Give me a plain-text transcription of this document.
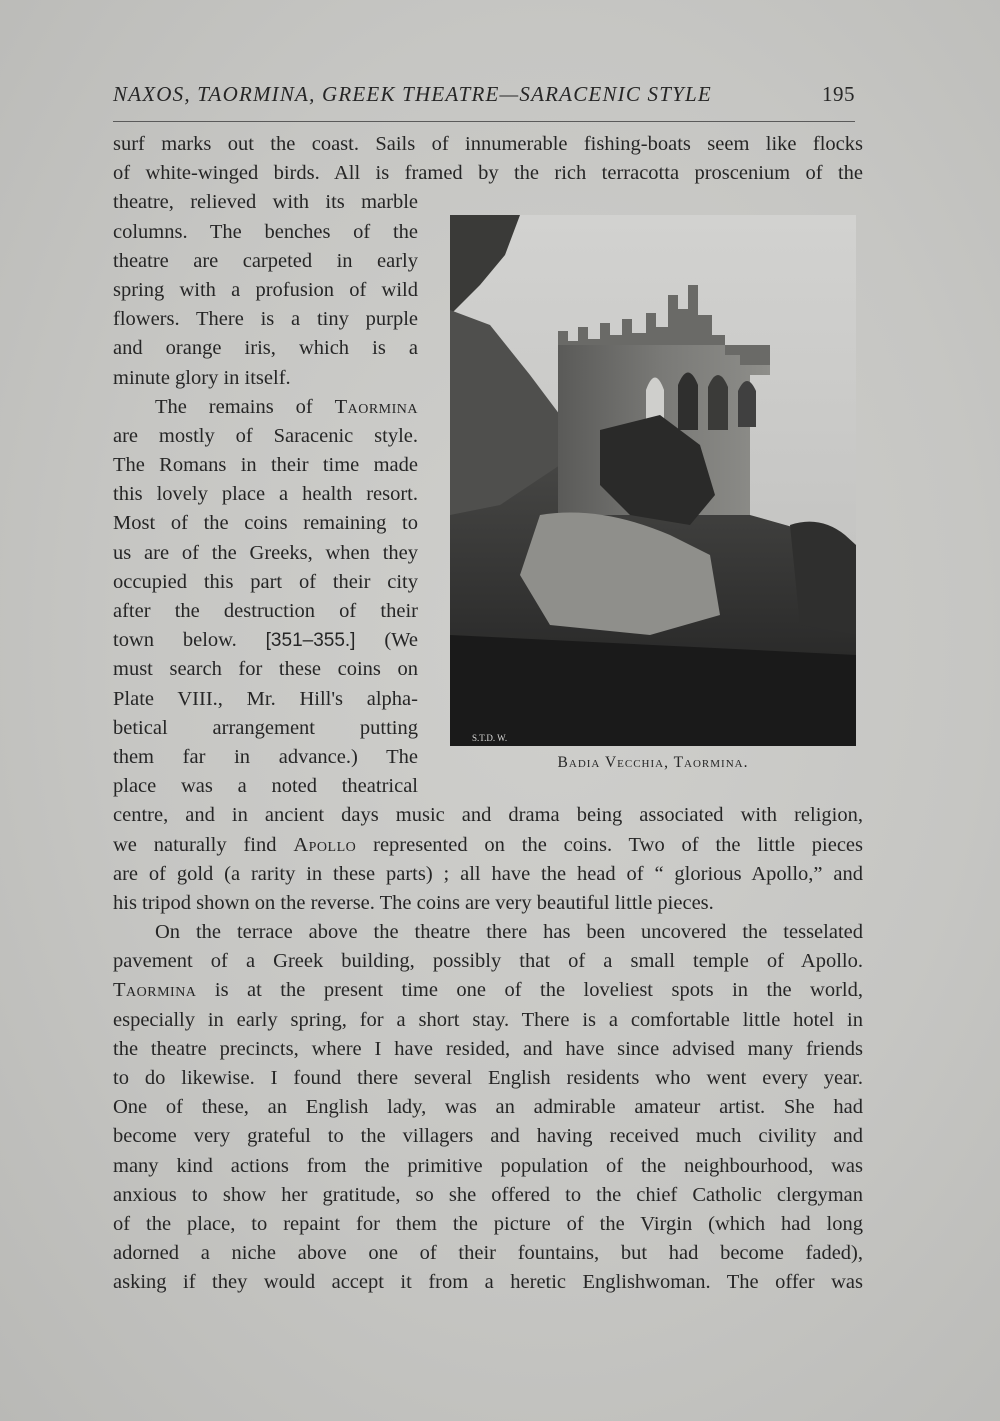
NAXOS, TAORMINA, GREEK THEATRE—SARACENIC STYLE	195
surf marks out the coast. Sails of innumerable fishing-boats seem like flocks
of white-winged birds. All is framed by the rich terracotta proscenium of the
theatre, relieved with its marble
columns. The benches of the
theatre are carpeted in early
spring with a profusion of wild
flowers. There is a tiny purple
and orange iris, which is a
minute glory in itself.
The remains of Taormina
are mostly of Saracenic style.
The Romans in their time made
this lovely place a health resort.
Most of the coins remaining to
us are of the Greeks, when they
occupied this part of their city
after the destruction of their
town below. [351–355.] (We
must search for these coins on
Plate VIII., Mr. Hill's alpha-
betical arrangement putting
them far in advance.) The
place was a noted theatrical
centre, and in ancient days music and drama being associated with religion,
we naturally find Apollo represented on the coins. Two of the little pieces
are of gold (a rarity in these parts) ; all have the head of “ glorious Apollo,” and
his tripod shown on the reverse. The coins are very beautiful little pieces.
On the terrace above the theatre there has been uncovered the tesselated
pavement of a Greek building, possibly that of a small temple of Apollo.
Taormina is at the present time one of the loveliest spots in the world,
especially in early spring, for a short stay. There is a comfortable little hotel in
the theatre precincts, where I have resided, and have since advised many friends
to do likewise. I found there several English residents who went every year.
One of these, an English lady, was an admirable amateur artist. She had
become very grateful to the villagers and having received much civility and
many kind actions from the primitive population of the neighbourhood, was
anxious to show her gratitude, so she offered to the chief Catholic clergyman
of the place, to repaint for them the picture of the Virgin (which had long
adorned a niche above one of their fountains, but had become faded),
asking if they would accept it from a heretic Englishwoman. The offer was
S.T.D. W.
Badia Vecchia, Taormina.
